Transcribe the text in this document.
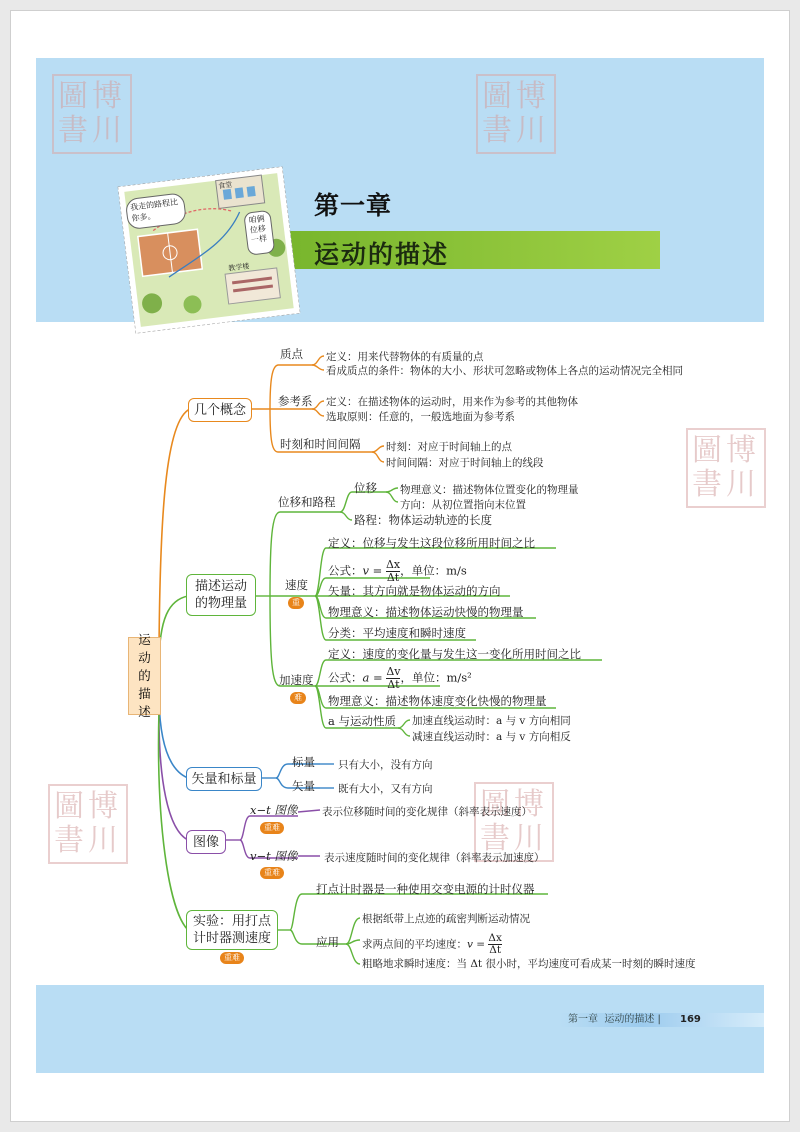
圖博
書川
圖博
書川
圖博
書川
圖博
書川
圖博
書川
第一章
运动的描述
食堂
我走的路程比你多。	咱俩位移一样
教学楼
运
动
的
描
述
几个概念
质点 定义：用来代替物体的有质量的点
看成质点的条件：物体的大小、形状可忽略或物体上各点的运动情况完全相同
参考系 定义：在描述物体的运动时，用来作为参考的其他物体
选取原则：任意的，一般选地面为参考系
时刻和时间间隔 时刻：对应于时间轴上的点
时间间隔：对应于时间轴上的线段
描述运动
的物理量
位移和路程
位移 物理意义：描述物体位置变化的物理量
方向：从初位置指向末位置
路程：物体运动轨迹的长度
速度
重
定义：位移与发生这段位移所用时间之比
公式：$v = \frac{\Delta x}{\Delta t}$ ，单位：m/s
矢量：其方向就是物体运动的方向
物理意义：描述物体运动快慢的物理量
分类：平均速度和瞬时速度
加速度
难
定义：速度的变化量与发生这一变化所用时间之比
公式：$a = \frac{\Delta v}{\Delta t}$ ，单位：m/s²
物理意义：描述物体速度变化快慢的物理量
a 与运动性质 加速直线运动时：a 与 v 方向相同
减速直线运动时：a 与 v 方向相反
矢量和标量
标量 只有大小，没有方向
矢量 既有大小，又有方向
图像
x−t 图像
重难
表示位移随时间的变化规律（斜率表示速度）
v−t 图像
重难
表示速度随时间的变化规律（斜率表示加速度）
实验：用打点
计时器测速度
重难
打点计时器是一种使用交变电源的计时仪器
应用
根据纸带上点迹的疏密判断运动情况
求两点间的平均速度：$v = \frac{\Delta x}{\Delta t}$
粗略地求瞬时速度：当 Δt 很小时，平均速度可看成某一时刻的瞬时速度
第一章 运动的描述 | 169
